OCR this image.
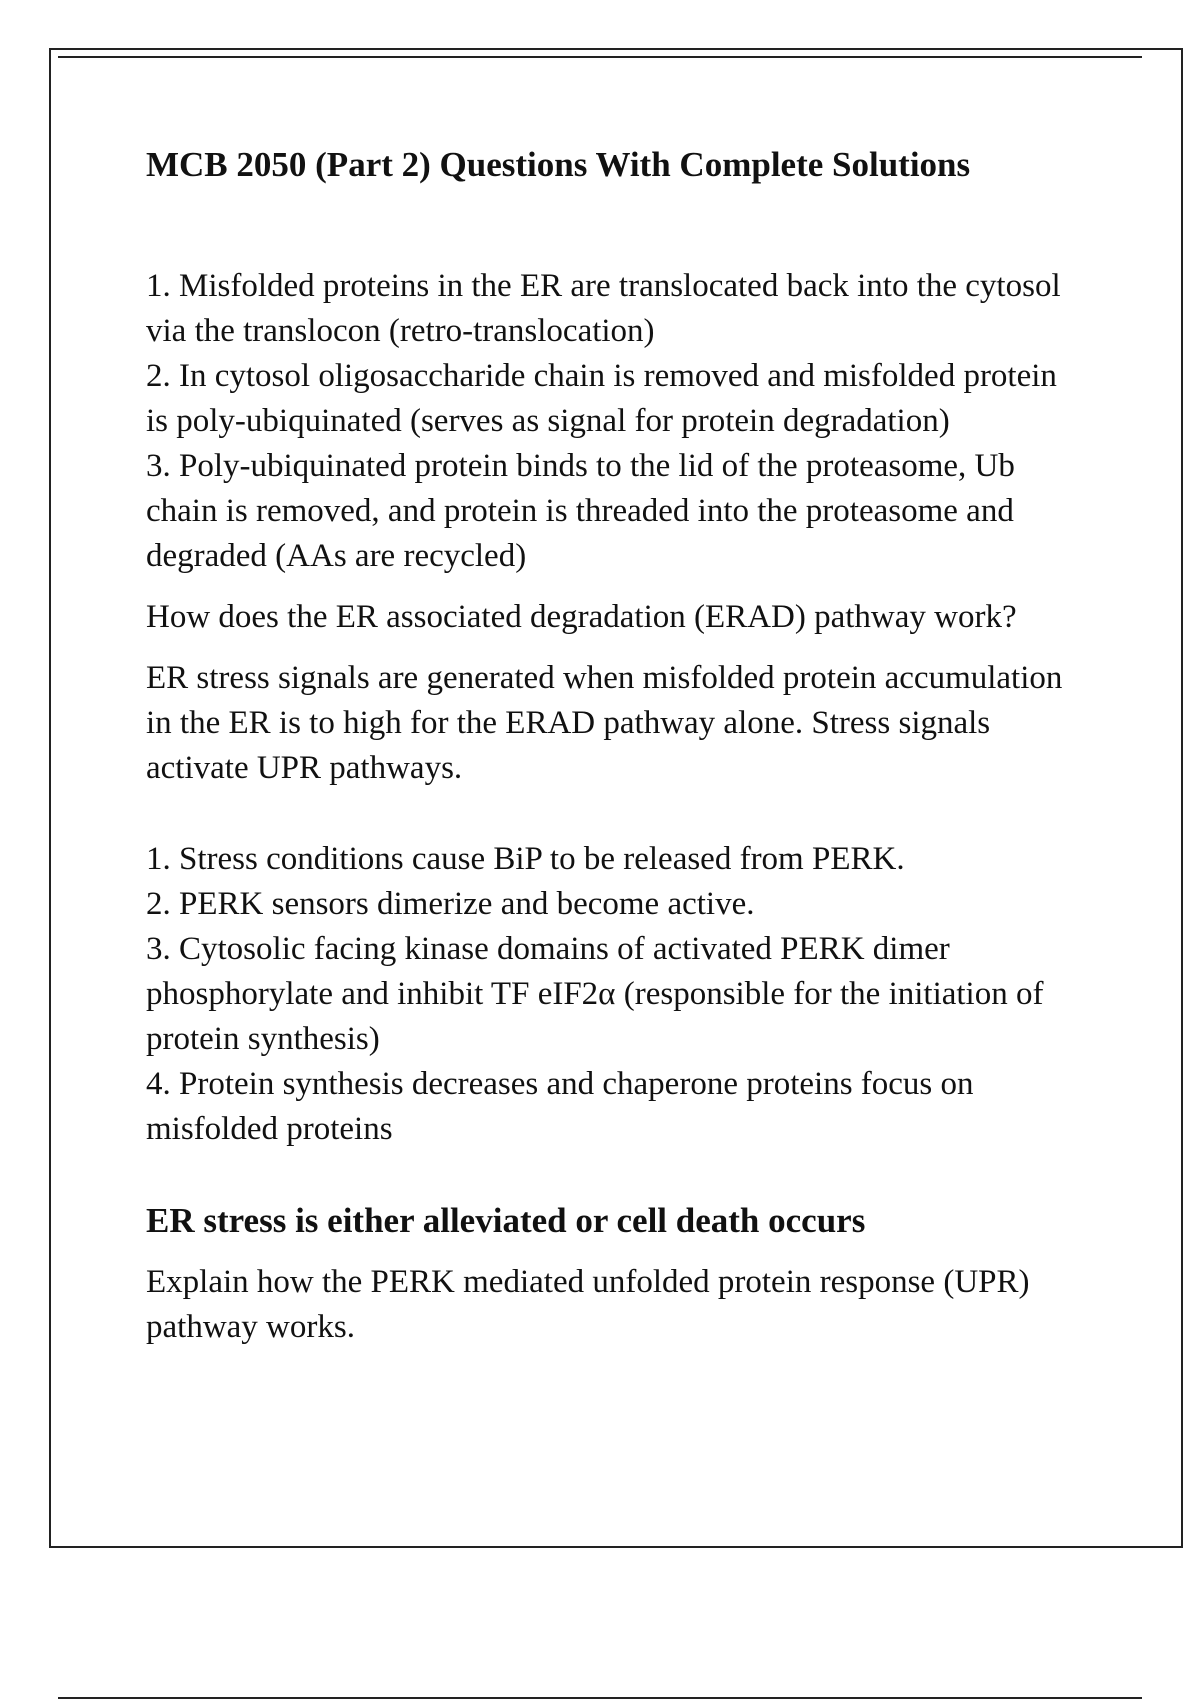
MCB 2050 (Part 2) Questions With Complete Solutions

1. Misfolded proteins in the ER are translocated back into the cytosol via the translocon (retro-translocation)

2. In cytosol oligosaccharide chain is removed and misfolded protein is poly-ubiquinated (serves as signal for protein degradation)

3. Poly-ubiquinated protein binds to the lid of the proteasome, Ub chain is removed, and protein is threaded into the proteasome and degraded (AAs are recycled)

How does the ER associated degradation (ERAD) pathway work?

ER stress signals are generated when misfolded protein accumulation in the ER is to high for the ERAD pathway alone. Stress signals activate UPR pathways.

1. Stress conditions cause BiP to be released from PERK.

2. PERK sensors dimerize and become active.

3. Cytosolic facing kinase domains of activated PERK dimer phosphorylate and inhibit TF eIF2α (responsible for the initiation of protein synthesis)

4. Protein synthesis decreases and chaperone proteins focus on misfolded proteins

ER stress is either alleviated or cell death occurs

Explain how the PERK mediated unfolded protein response (UPR) pathway works.
